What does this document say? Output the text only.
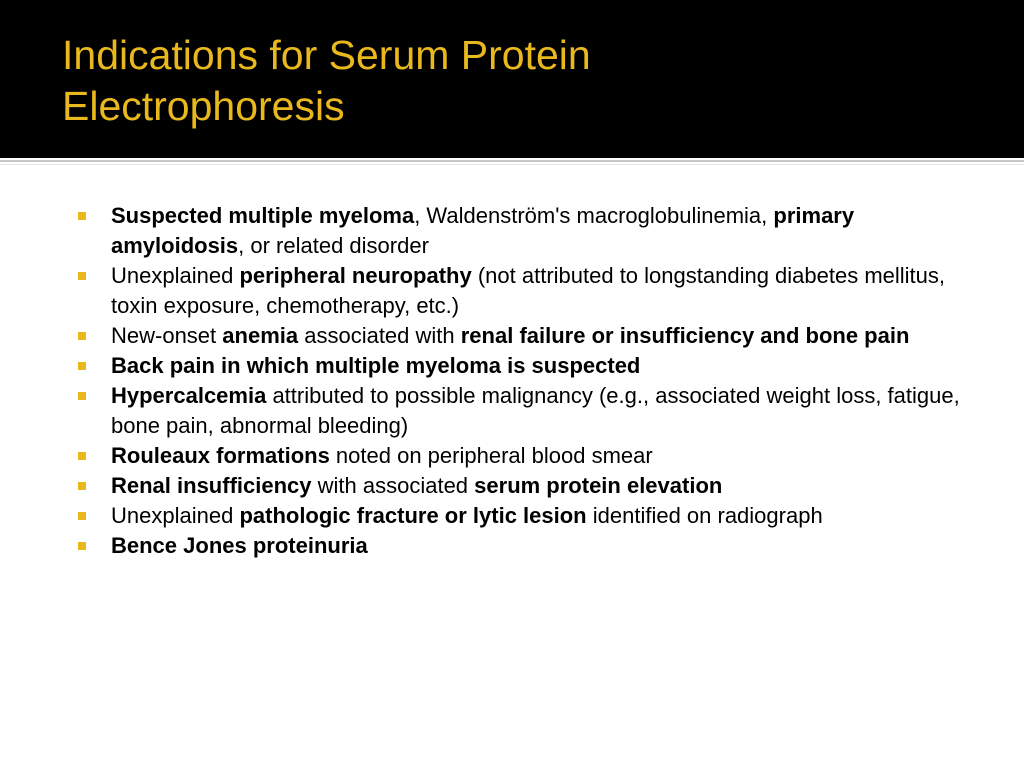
Indications for Serum Protein
Electrophoresis
Suspected multiple myeloma, Waldenström's macroglobulinemia, primary amyloidosis, or related disorder
Unexplained peripheral neuropathy (not attributed to longstanding diabetes mellitus, toxin exposure, chemotherapy, etc.)
New-onset anemia associated with renal failure or insufficiency and bone pain
Back pain in which multiple myeloma is suspected
Hypercalcemia attributed to possible malignancy (e.g., associated weight loss, fatigue, bone pain, abnormal bleeding)
Rouleaux formations noted on peripheral blood smear
Renal insufficiency with associated serum protein elevation
Unexplained pathologic fracture or lytic lesion identified on radiograph
Bence Jones proteinuria
